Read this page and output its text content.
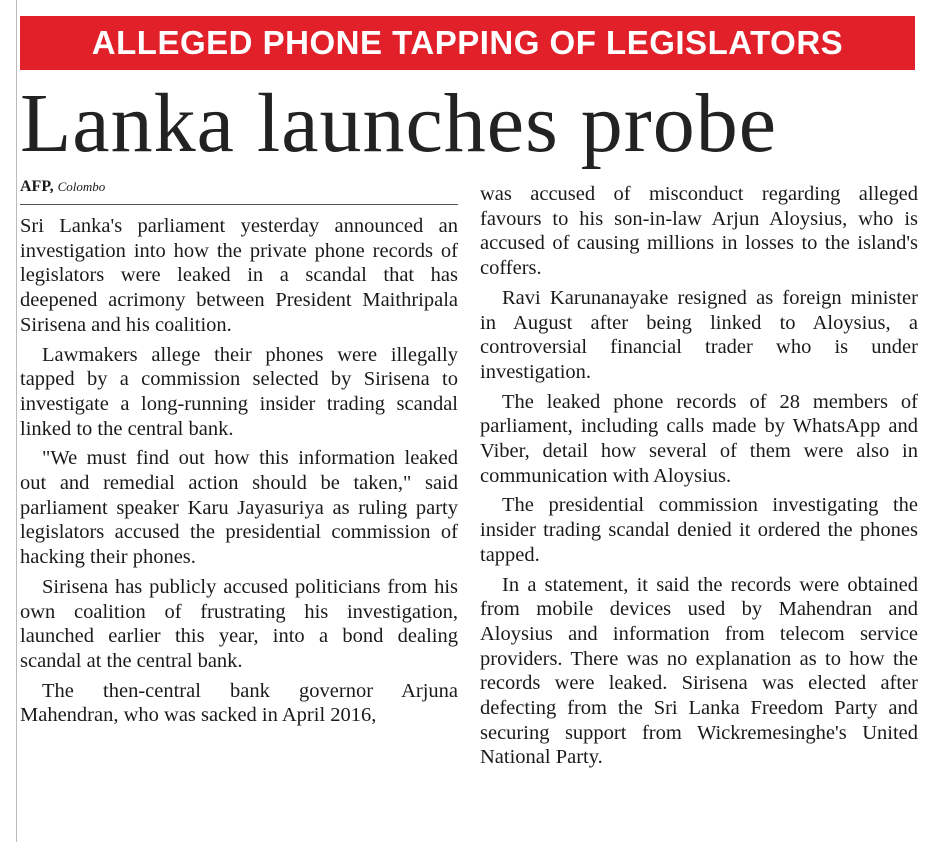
ALLEGED PHONE TAPPING OF LEGISLATORS
Lanka launches probe
AFP, Colombo

Sri Lanka's parliament yesterday announced an investigation into how the private phone records of legislators were leaked in a scandal that has deepened acrimony between President Maithripala Sirisena and his coalition.

Lawmakers allege their phones were illegally tapped by a commission selected by Sirisena to investigate a long-running insider trading scandal linked to the central bank.

"We must find out how this information leaked out and remedial action should be taken," said parliament speaker Karu Jayasuriya as ruling party legislators accused the presidential commission of hacking their phones.

Sirisena has publicly accused politicians from his own coalition of frustrating his investigation, launched earlier this year, into a bond dealing scandal at the central bank.

The then-central bank governor Arjuna Mahendran, who was sacked in April 2016,

was accused of misconduct regarding alleged favours to his son-in-law Arjun Aloysius, who is accused of causing millions in losses to the island's coffers.

Ravi Karunanayake resigned as foreign minister in August after being linked to Aloysius, a controversial financial trader who is under investigation.

The leaked phone records of 28 members of parliament, including calls made by WhatsApp and Viber, detail how several of them were also in communication with Aloysius.

The presidential commission investigating the insider trading scandal denied it ordered the phones tapped.

In a statement, it said the records were obtained from mobile devices used by Mahendran and Aloysius and information from telecom service providers. There was no explanation as to how the records were leaked. Sirisena was elected after defecting from the Sri Lanka Freedom Party and securing support from Wickremesinghe's United National Party.
